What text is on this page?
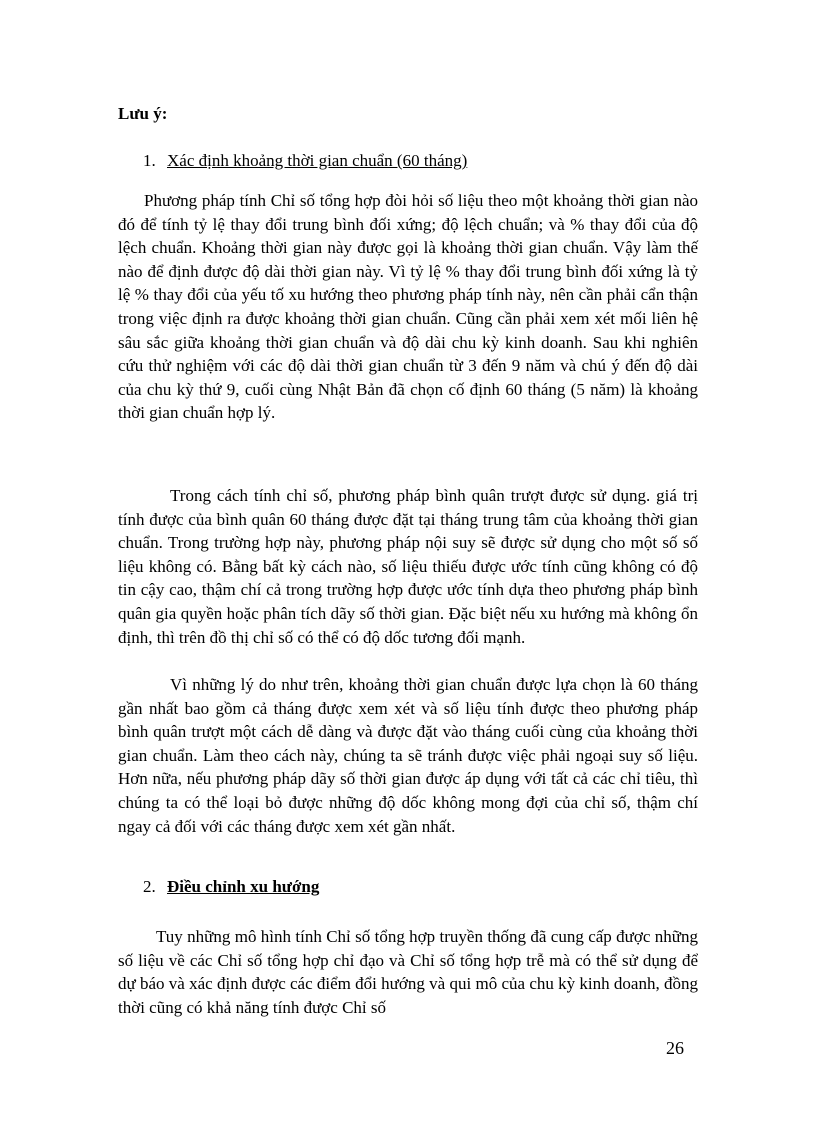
Lưu ý:

1. Xác định khoảng thời gian chuẩn (60 tháng)

Phương pháp tính Chỉ số tổng hợp đòi hỏi số liệu theo một khoảng thời gian nào đó để tính tỷ lệ thay đổi trung bình đối xứng; độ lệch chuẩn; và % thay đổi của độ lệch chuẩn. Khoảng thời gian này được gọi là khoảng thời gian chuẩn. Vậy làm thế nào để định được độ dài thời gian này. Vì tỷ lệ % thay đổi trung bình đối xứng là tỷ lệ % thay đổi của yếu tố xu hướng theo phương pháp tính này, nên cần phải cẩn thận trong việc định ra được khoảng thời gian chuẩn. Cũng cần phải xem xét mối liên hệ sâu sắc giữa khoảng thời gian chuẩn và độ dài chu kỳ kinh doanh. Sau khi nghiên cứu thử nghiệm với các độ dài thời gian chuẩn từ 3 đến 9 năm và chú ý đến độ dài của chu kỳ thứ 9, cuối cùng Nhật Bản đã chọn cố định 60 tháng (5 năm) là khoảng thời gian chuẩn hợp lý.

Trong cách tính chỉ số, phương pháp bình quân trượt được sử dụng. giá trị tính được của bình quân 60 tháng được đặt tại tháng trung tâm của khoảng thời gian chuẩn. Trong trường hợp này, phương pháp nội suy sẽ được sử dụng cho một số số liệu không có. Bằng bất kỳ cách nào, số liệu thiếu được ước tính cũng không có độ tin cậy cao, thậm chí cả trong trường hợp được ước tính dựa theo phương pháp bình quân gia quyền hoặc phân tích dãy số thời gian. Đặc biệt nếu xu hướng mà không ổn định, thì trên đồ thị chỉ số có thể có độ dốc tương đối mạnh.

Vì những lý do như trên, khoảng thời gian chuẩn được lựa chọn là 60 tháng gần nhất bao gồm cả tháng được xem xét và số liệu tính được theo phương pháp bình quân trượt một cách dễ dàng và được đặt vào tháng cuối cùng của khoảng thời gian chuẩn. Làm theo cách này, chúng ta sẽ tránh được việc phải ngoại suy số liệu. Hơn nữa, nếu phương pháp dãy số thời gian được áp dụng với tất cả các chỉ tiêu, thì chúng ta có thể loại bỏ được những độ dốc không mong đợi của chỉ số, thậm chí ngay cả đối với các tháng được xem xét gần nhất.

2. Điều chỉnh xu hướng

Tuy những mô hình tính Chỉ số tổng hợp truyền thống đã cung cấp được những số liệu về các Chỉ số tổng hợp chỉ đạo và Chỉ số tổng hợp trễ mà có thể sử dụng để dự báo và xác định được các điểm đổi hướng và qui mô của chu kỳ kinh doanh, đồng thời cũng có khả năng tính được Chỉ số

26
